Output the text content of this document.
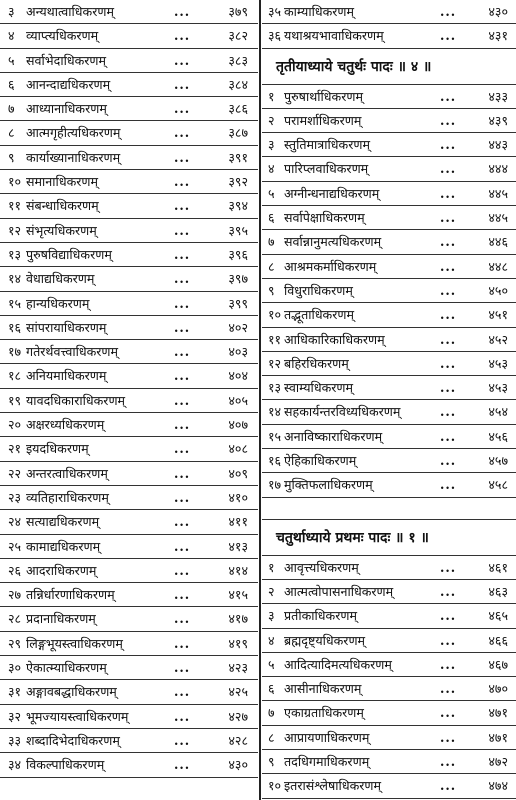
३ अन्यथात्वाधिकरणम्	...	३७९
४ व्याप्त्यधिकरणम्	...	३८२
५ सर्वाभेदाधिकरणम्	...	३८३
६ आनन्दाद्यधिकरणम्	...	३८४
७ आध्यानाधिकरणम्	...	३८६
८ आत्मगृहीत्यधिकरणम्	...	३८७
९ कार्याख्यानाधिकरणम्	...	३९१
१० समानाधिकरणम्	...	३९२
११ संबन्धाधिकरणम्	...	३९४
१२ संभृत्यधिकरणम्	...	३९५
१३ पुरुषविद्याधिकरणम्	...	३९६
१४ वेधाद्यधिकरणम्	...	३९७
१५ हान्यधिकरणम्	...	३९९
१६ सांपरायाधिकरणम्	...	४०२
१७ गतेरर्थवत्त्वाधिकरणम्	...	४०३
१८ अनियमाधिकरणम्	...	४०४
१९ यावदधिकाराधिकरणम्	...	४०५
२० अक्षरध्यधिकरणम्	...	४०७
२१ इयदधिकरणम्	...	४०८
२२ अन्तरत्वाधिकरणम्	...	४०९
२३ व्यतिहाराधिकरणम्	...	४१०
२४ सत्याद्यधिकरणम्	...	४११
२५ कामाद्यधिकरणम्	...	४१३
२६ आदराधिकरणम्	...	४१४
२७ तन्निर्धारणाधिकरणम्	...	४१५
२८ प्रदानाधिकरणम्	...	४१७
२९ लिङ्गभूयस्त्वाधिकरणम्	...	४१९
३० ऐकात्म्याधिकरणम्	...	४२३
३१ अङ्गावबद्धाधिकरणम्	...	४२५
३२ भूमज्यायस्त्वाधिकरणम्	...	४२७
३३ शब्दादिभेदाधिकरणम्	...	४२८
३४ विकल्पाधिकरणम्	...	४३०
३५ काम्याधिकरणम्	...	४३०
३६ यथाश्रयभावाधिकरणम्	...	४३१
तृतीयाध्याये चतुर्थः पादः ॥ ४ ॥
१ पुरुषार्थाधिकरणम्	...	४३३
२ परामर्शाधिकरणम्	...	४३९
३ स्तुतिमात्राधिकरणम्	...	४४३
४ पारिप्लवाधिकरणम्	...	४४४
५ अग्नीन्धनाद्यधिकरणम्	...	४४५
६ सर्वापेक्षाधिकरणम्	...	४४५
७ सर्वान्नानुमत्यधिकरणम्	...	४४६
८ आश्रमकर्माधिकरणम्	...	४४८
९ विधुराधिकरणम्	...	४५०
१० तद्भूताधिकरणम्	...	४५१
११ आधिकारिकाधिकरणम्	...	४५२
१२ बहिरधिकरणम्	...	४५३
१३ स्वाम्यधिकरणम्	...	४५३
१४ सहकार्यन्तरविध्यधिकरणम्	...	४५४
१५ अनाविष्काराधिकरणम्	...	४५६
१६ ऐहिकाधिकरणम्	...	४५७
१७ मुक्तिफलाधिकरणम्	...	४५८
चतुर्थाध्याये प्रथमः पादः ॥ १ ॥
१ आवृत्त्यधिकरणम्	...	४६१
२ आत्मत्वोपासनाधिकरणम्	...	४६३
३ प्रतीकाधिकरणम्	...	४६५
४ ब्रह्मदृष्ट्यधिकरणम्	...	४६६
५ आदित्यादिमत्यधिकरणम्	...	४६७
६ आसीनाधिकरणम्	...	४७०
७ एकाग्रताधिकरणम्	...	४७१
८ आप्रायणाधिकरणम्	...	४७१
९ तदधिगमाधिकरणम्	...	४७२
१० इतरासंश्लेषाधिकरणम्	...	४७४
